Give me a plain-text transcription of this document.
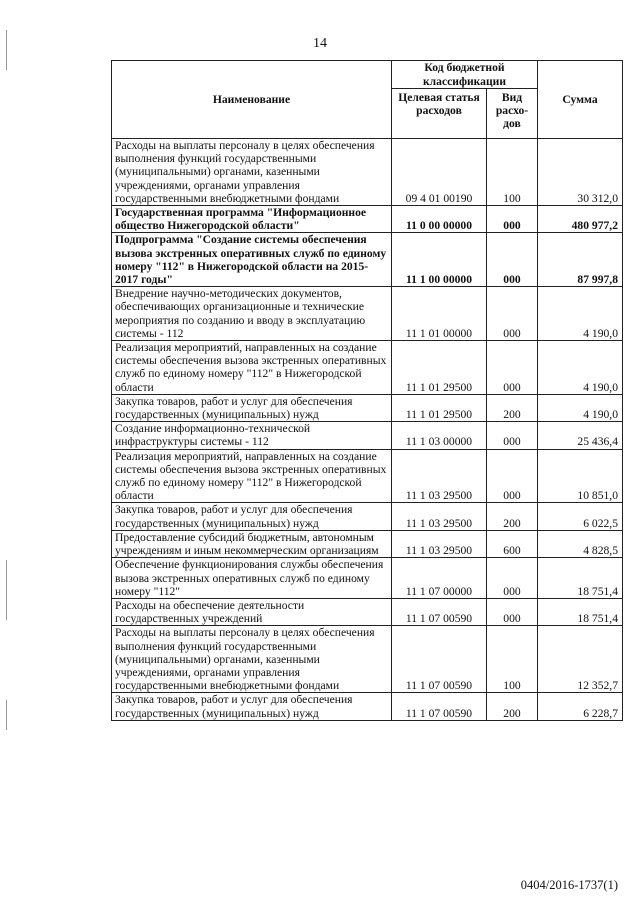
14
Наименование	Код бюджетной классификации		Сумма
	Целевая статья расходов	Вид расхо- дов	
Расходы на выплаты персоналу в целях обеспечения выполнения функций государственными (муниципальными) органами, казенными учреждениями, органами управления государственными внебюджетными фондами	09 4 01 00190	100	30 312,0
Государственная программа "Информационное общество Нижегородской области"	11 0 00 00000	000	480 977,2
Подпрограмма "Создание системы обеспечения вызова экстренных оперативных служб по единому номеру "112" в Нижегородской области на 2015-2017 годы"	11 1 00 00000	000	87 997,8
Внедрение научно-методических документов, обеспечивающих организационные и технические мероприятия по созданию и вводу в эксплуатацию системы - 112	11 1 01 00000	000	4 190,0
Реализация мероприятий, направленных на создание системы обеспечения вызова экстренных оперативных служб по единому номеру "112" в Нижегородской области	11 1 01 29500	000	4 190,0
Закупка товаров, работ и услуг для обеспечения государственных (муниципальных) нужд	11 1 01 29500	200	4 190,0
Создание информационно-технической инфраструктуры системы - 112	11 1 03 00000	000	25 436,4
Реализация мероприятий, направленных на создание системы обеспечения вызова экстренных оперативных служб по единому номеру "112" в Нижегородской области	11 1 03 29500	000	10 851,0
Закупка товаров, работ и услуг для обеспечения государственных (муниципальных) нужд	11 1 03 29500	200	6 022,5
Предоставление субсидий бюджетным, автономным учреждениям и иным некоммерческим организациям	11 1 03 29500	600	4 828,5
Обеспечение функционирования службы обеспечения вызова экстренных оперативных служб по единому номеру "112"	11 1 07 00000	000	18 751,4
Расходы на обеспечение деятельности государственных учреждений	11 1 07 00590	000	18 751,4
Расходы на выплаты персоналу в целях обеспечения выполнения функций государственными (муниципальными) органами, казенными учреждениями, органами управления государственными внебюджетными фондами	11 1 07 00590	100	12 352,7
Закупка товаров, работ и услуг для обеспечения государственных (муниципальных) нужд	11 1 07 00590	200	6 228,7
0404/2016-1737(1)
